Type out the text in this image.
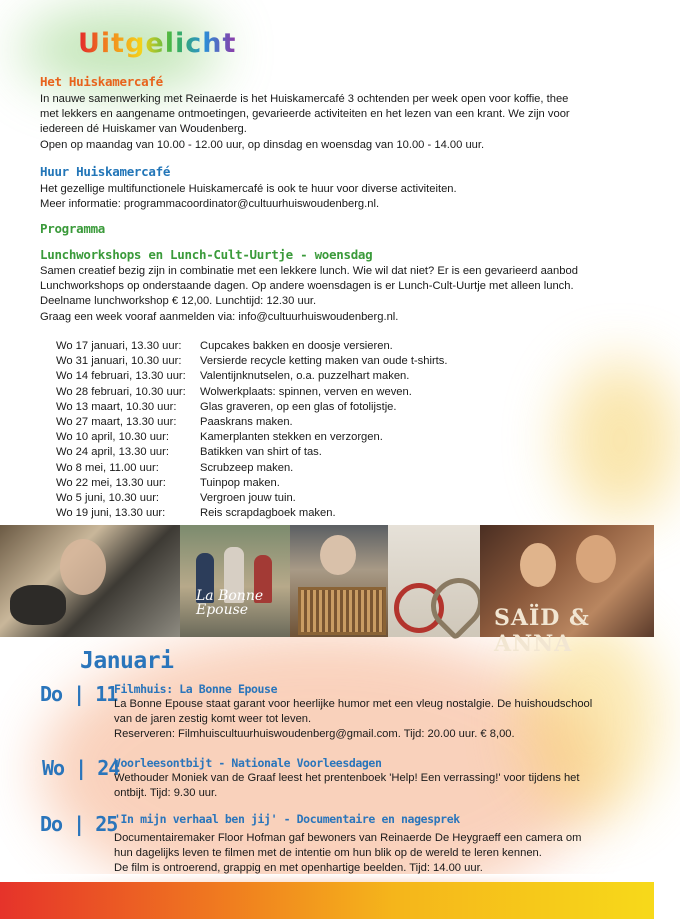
Uitgelicht
Het Huiskamercafé
In nauwe samenwerking met Reinaerde is het Huiskamercafé 3 ochtenden per week open voor koffie, thee
met lekkers en aangename ontmoetingen, gevarieerde activiteiten en het lezen van een krant. We zijn voor
iedereen dé Huiskamer van Woudenberg.
Open op maandag van 10.00 - 12.00 uur, op dinsdag en woensdag van 10.00 - 14.00 uur.
Huur Huiskamercafé
Het gezellige multifunctionele Huiskamercafé is ook te huur voor diverse activiteiten.
Meer informatie: programmacoordinator@cultuurhuiswoudenberg.nl.
Programma
Lunchworkshops en Lunch-Cult-Uurtje - woensdag
Samen creatief bezig zijn in combinatie met een lekkere lunch. Wie wil dat niet? Er is een gevarieerd aanbod
Lunchworkshops op onderstaande dagen. Op andere woensdagen is er Lunch-Cult-Uurtje met alleen lunch.
Deelname lunchworkshop € 12,00. Lunchtijd: 12.30 uur.
Graag een week vooraf aanmelden via: info@cultuurhuiswoudenberg.nl.
Wo 17 januari, 13.30 uur:	Cupcakes bakken en doosje versieren.
Wo 31 januari, 10.30 uur:	Versierde recycle ketting maken van oude t-shirts.
Wo 14 februari, 13.30 uur:	Valentijnknutselen, o.a. puzzelhart maken.
Wo 28 februari, 10.30 uur:	Wolwerkplaats: spinnen, verven en weven.
Wo 13 maart, 10.30 uur:	Glas graveren, op een glas of fotolijstje.
Wo 27 maart, 13.30 uur:	Paaskrans maken.
Wo 10 april, 10.30 uur:	Kamerplanten stekken en verzorgen.
Wo 24 april, 13.30 uur:	Batikken van shirt of tas.
Wo 8 mei, 11.00 uur:	Scrubzeep maken.
Wo 22 mei, 13.30 uur:	Tuinpop maken.
Wo 5 juni, 10.30 uur:	Vergroen jouw tuin.
Wo 19 juni, 13.30 uur:	Reis scrapdagboek maken.
La Bonne Epouse	SAÏD & ANNA
Januari
Do | 11
Filmhuis: La Bonne Epouse
La Bonne Epouse staat garant voor heerlijke humor met een vleug nostalgie. De huishoudschool
van de jaren zestig komt weer tot leven.
Reserveren: Filmhuiscultuurhuiswoudenberg@gmail.com. Tijd: 20.00 uur. € 8,00.
Wo | 24
Voorleesontbijt - Nationale Voorleesdagen
Wethouder Moniek van de Graaf leest het prentenboek 'Help! Een verrassing!' voor tijdens het
ontbijt. Tijd: 9.30 uur.
Do | 25
'In mijn verhaal ben jij' - Documentaire en nagesprek
Documentairemaker Floor Hofman gaf bewoners van Reinaerde De Heygraeff een camera om
hun dagelijks leven te filmen met de intentie om hun blik op de wereld te leren kennen.
De film is ontroerend, grappig en met openhartige beelden. Tijd: 14.00 uur.
